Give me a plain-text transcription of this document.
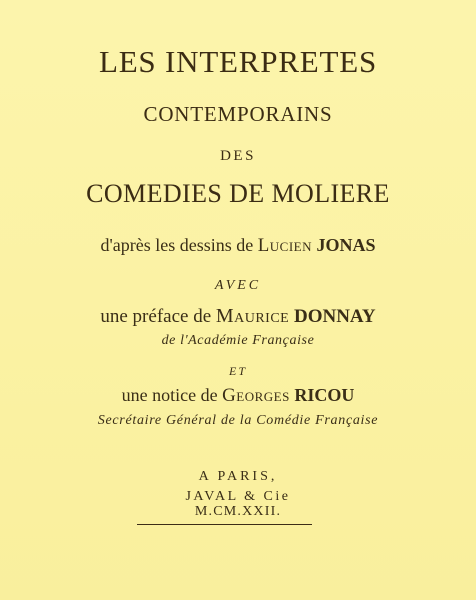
LES INTERPRETES
CONTEMPORAINS
DES
COMEDIES DE MOLIERE
d'après les dessins de Lucien JONAS
AVEC
une préface de Maurice DONNAY
de l'Académie Française
ET
une notice de Georges RICOU
Secrétaire Général de la Comédie Française
A PARIS,
JAVAL & Cie
M.CM.XXII.
